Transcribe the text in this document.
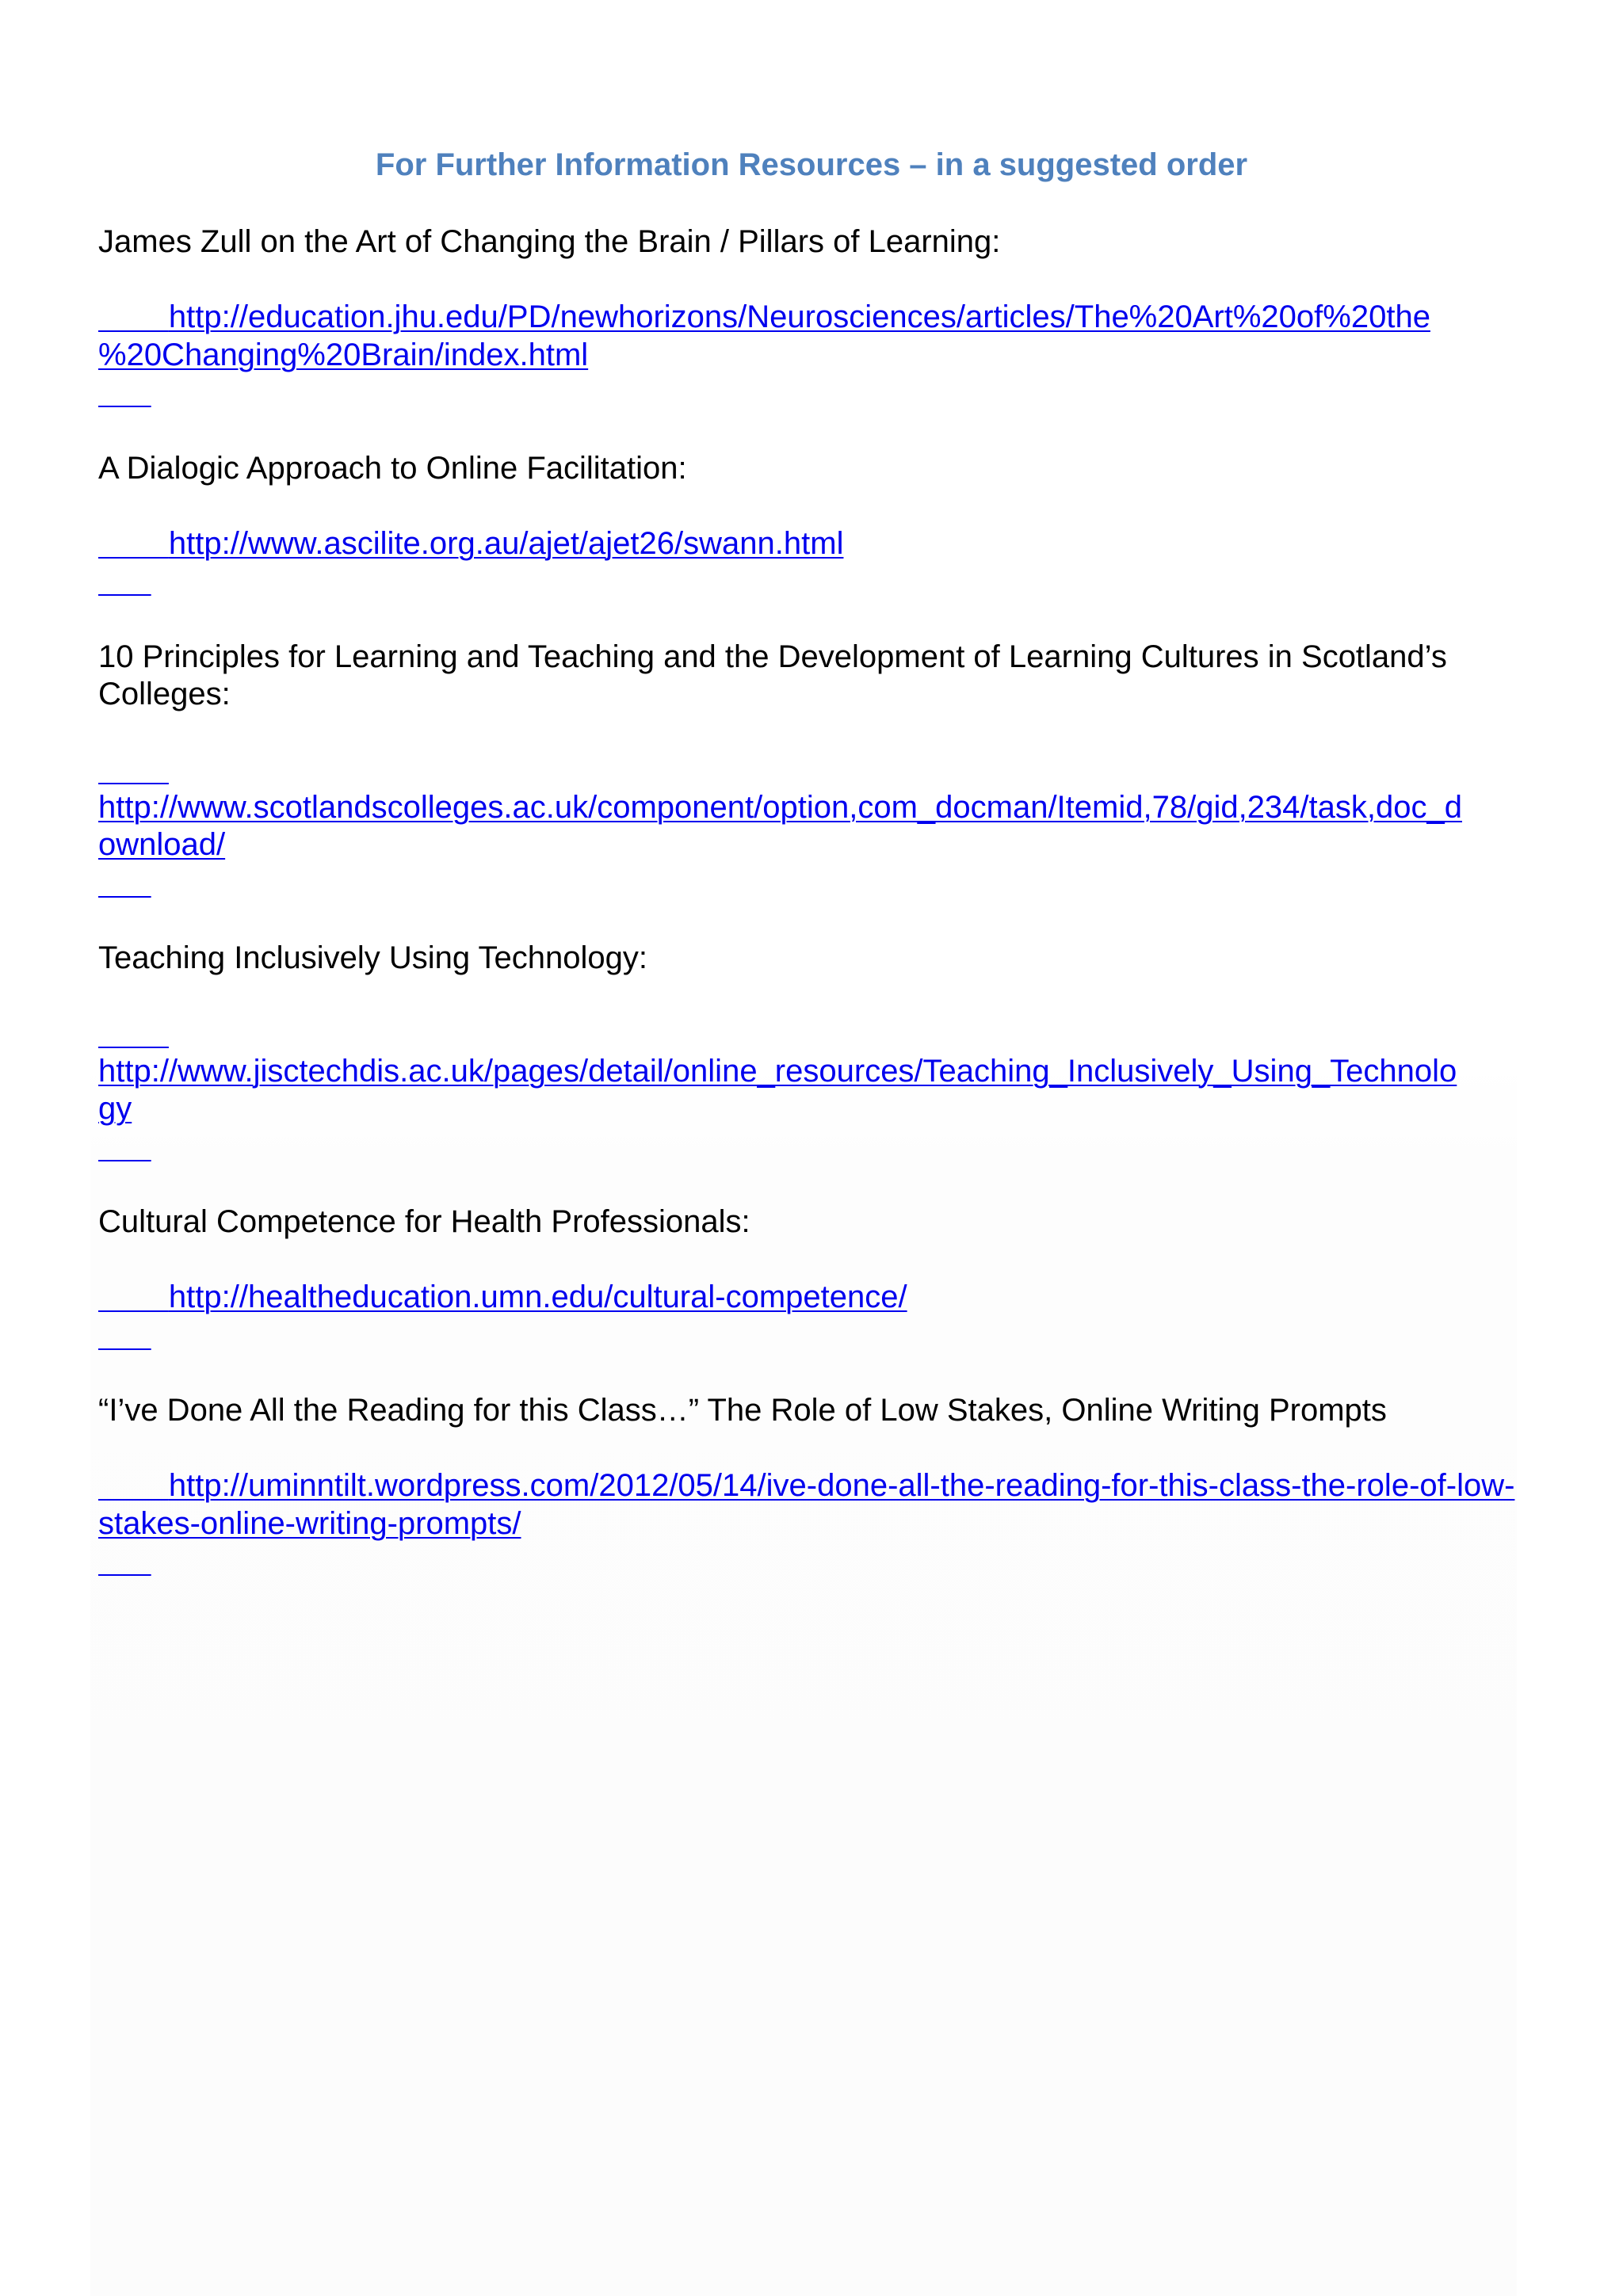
For Further Information Resources – in a suggested order
James Zull on the Art of Changing the Brain / Pillars of Learning:

http://education.jhu.edu/PD/newhorizons/Neurosciences/articles/The%20Art%20of%20the
%20Changing%20Brain/index.html

A Dialogic Approach to Online Facilitation:

http://www.ascilite.org.au/ajet/ajet26/swann.html

10 Principles for Learning and Teaching and the Development of Learning Cultures in Scotland’s
Colleges:

http://www.scotlandscolleges.ac.uk/component/option,com_docman/Itemid,78/gid,234/task,doc_d
ownload/

Teaching Inclusively Using Technology:

http://www.jisctechdis.ac.uk/pages/detail/online_resources/Teaching_Inclusively_Using_Technolo
gy

Cultural Competence for Health Professionals:

http://healtheducation.umn.edu/cultural-competence/

“I’ve Done All the Reading for this Class…” The Role of Low Stakes, Online Writing Prompts

http://uminntilt.wordpress.com/2012/05/14/ive-done-all-the-reading-for-this-class-the-role-of-low-
stakes-online-writing-prompts/
